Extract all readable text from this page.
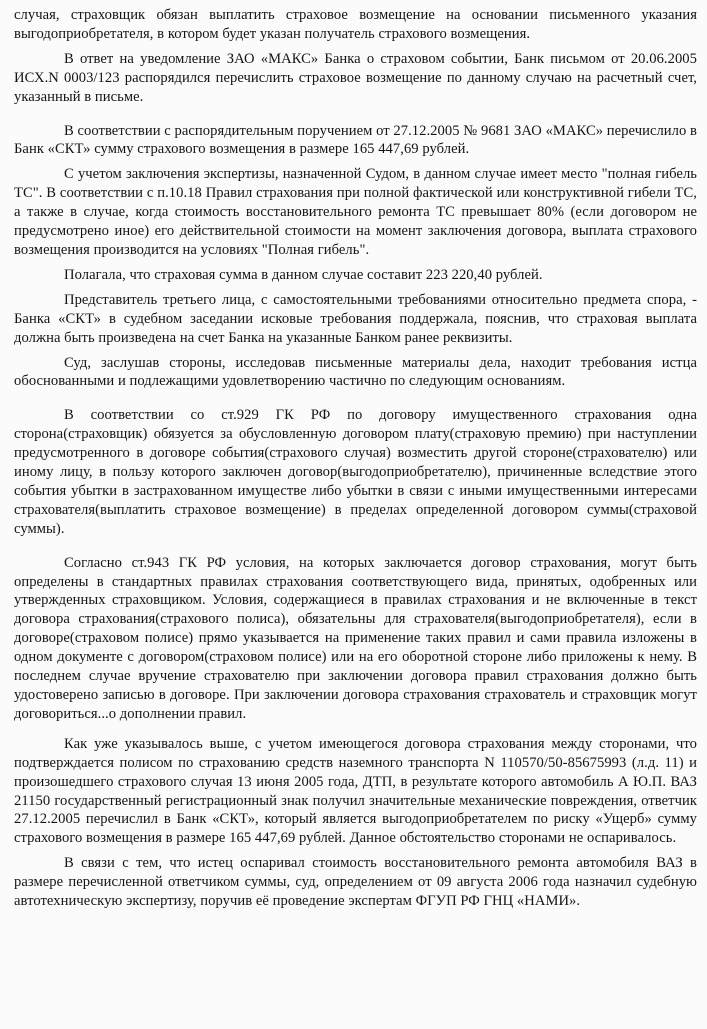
случая, страховщик обязан выплатить страховое возмещение на основании письменного указания выгодоприобретателя, в котором будет указан получатель страхового возмещения.

В ответ на уведомление ЗАО «МАКС» Банка о страховом событии, Банк письмом от 20.06.2005 ИСХ.N 0003/123 распорядился перечислить страховое возмещение по данному случаю на расчетный счет, указанный в письме.

В соответствии с распорядительным поручением от 27.12.2005 № 9681 ЗАО «МАКС» перечислило в Банк «СКТ» сумму страхового возмещения в размере 165 447,69 рублей.

С учетом заключения экспертизы, назначенной Судом, в данном случае имеет место "полная гибель ТС". В соответствии с п.10.18 Правил страхования при полной фактической или конструктивной гибели ТС, а также в случае, когда стоимость восстановительного ремонта ТС превышает 80% (если договором не предусмотрено иное) его действительной стоимости на момент заключения договора, выплата страхового возмещения производится на условиях "Полная гибель".

Полагала, что страховая сумма в данном случае составит 223 220,40 рублей.

Представитель третьего лица, с самостоятельными требованиями относительно предмета спора, - Банка «СКТ» в судебном заседании исковые требования поддержала, пояснив, что страховая выплата должна быть произведена на счет Банка на указанные Банком ранее реквизиты.

Суд, заслушав стороны, исследовав письменные материалы дела, находит требования истца обоснованными и подлежащими удовлетворению частично по следующим основаниям.

В соответствии со ст.929 ГК РФ по договору имущественного страхования одна сторона(страховщик) обязуется за обусловленную договором плату(страховую премию) при наступлении предусмотренного в договоре события(страхового случая) возместить другой стороне(страхователю) или иному лицу, в пользу которого заключен договор(выгодоприобретателю), причиненные вследствие этого события убытки в застрахованном имуществе либо убытки в связи с иными имущественными интересами страхователя(выплатить страховое возмещение) в пределах определенной договором суммы(страховой суммы).

Согласно ст.943 ГК РФ условия, на которых заключается договор страхования, могут быть определены в стандартных правилах страхования соответствующего вида, принятых, одобренных или утвержденных страховщиком. Условия, содержащиеся в правилах страхования и не включенные в текст договора страхования(страхового полиса), обязательны для страхователя(выгодоприобретателя), если в договоре(страховом полисе) прямо указывается на применение таких правил и сами правила изложены в одном документе с договором(страховом полисе) или на его оборотной стороне либо приложены к нему. В последнем случае вручение страхователю при заключении договора правил страхования должно быть удостоверено записью в договоре. При заключении договора страхования страхователь и страховщик могут договориться...о дополнении правил.

Как уже указывалось выше, с учетом имеющегося договора страхования между сторонами, что подтверждается полисом по страхованию средств наземного транспорта N 110570/50-85675993 (л.д. 11) и произошедшего страхового случая 13 июня 2005 года, ДТП, в результате которого автомобиль А Ю.П. ВАЗ 21150 государственный регистрационный знак получил значительные механические повреждения, ответчик 27.12.2005 перечислил в Банк «СКТ», который является выгодоприобретателем по риску «Ущерб» сумму страхового возмещения в размере 165 447,69 рублей. Данное обстоятельство сторонами не оспаривалось.

В связи с тем, что истец оспаривал стоимость восстановительного ремонта автомобиля ВАЗ в размере перечисленной ответчиком суммы, суд, определением от 09 августа 2006 года назначил судебную автотехническую экспертизу, поручив её проведение экспертам ФГУП РФ ГНЦ «НАМИ».
